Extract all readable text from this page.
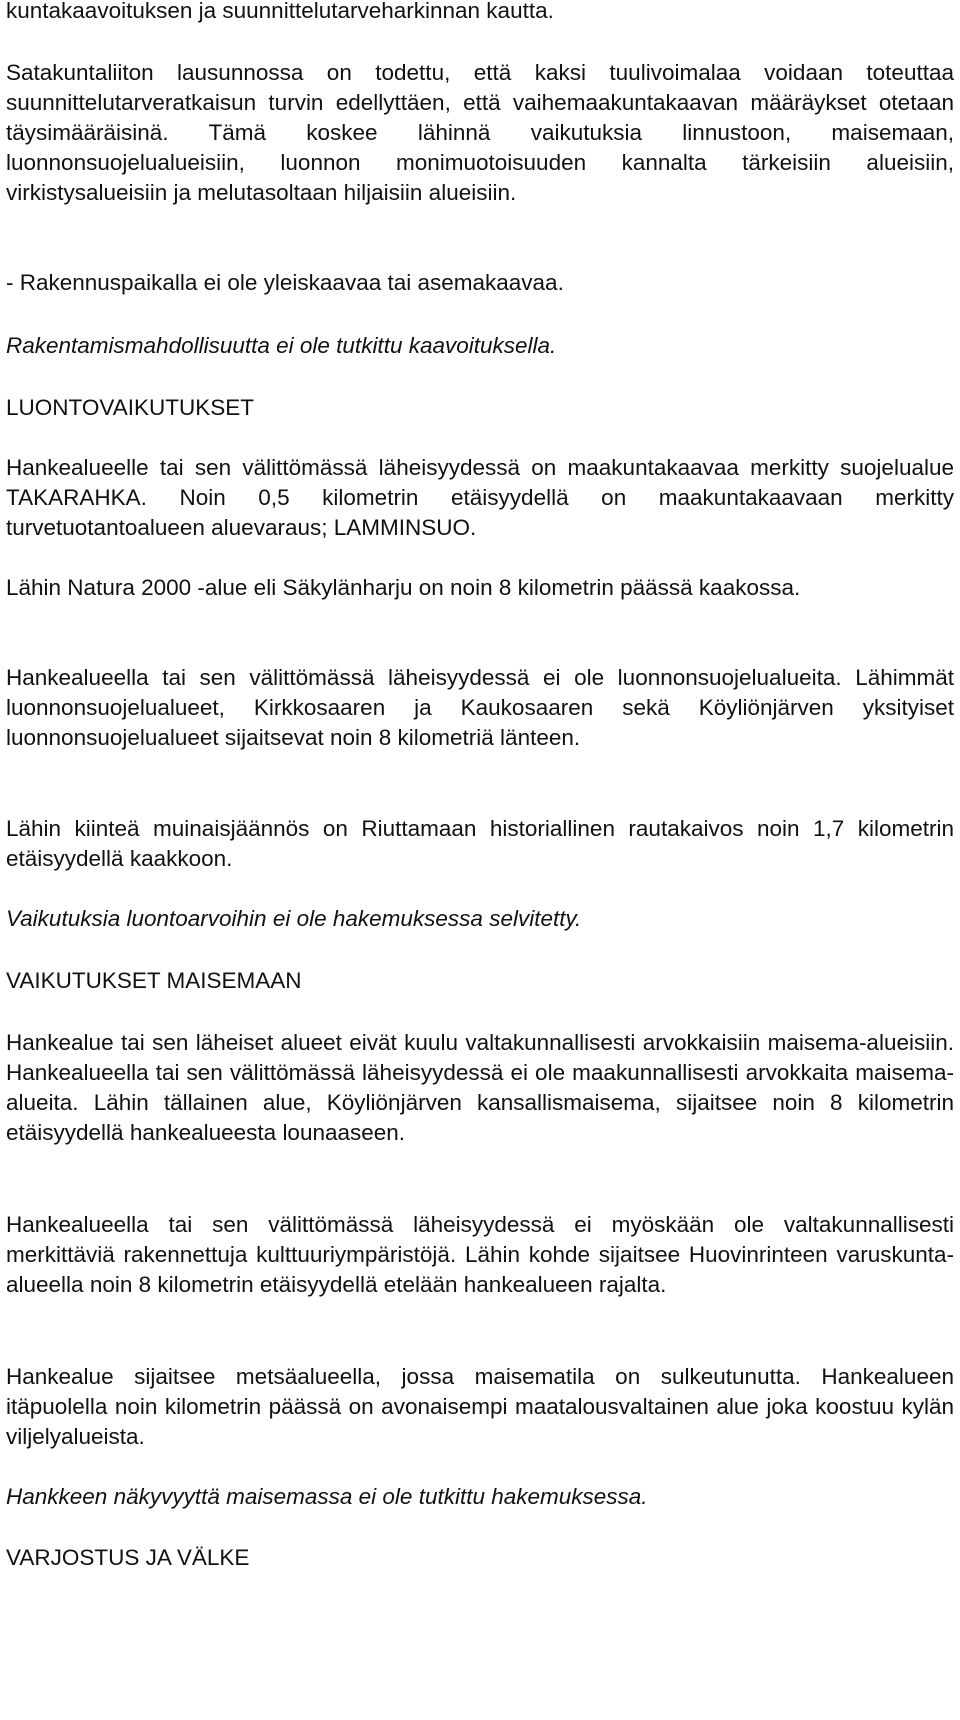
kuntakaavoituksen ja suunnittelutarveharkinnan kautta.

Satakuntaliiton lausunnossa on todettu, että kaksi tuulivoimalaa voidaan toteuttaa suunnittelutarveratkaisun turvin edellyttäen, että vaihemaakuntakaavan määräykset otetaan täysimääräisinä. Tämä koskee lähinnä vaikutuksia linnustoon, maisemaan, luonnonsuojelualueisiin, luonnon monimuotoisuuden kannalta tärkeisiin alueisiin, virkistysalueisiin ja melutasoltaan hiljaisiin alueisiin.

- Rakennuspaikalla ei ole yleiskaavaa tai asemakaavaa.

Rakentamismahdollisuutta ei ole tutkittu kaavoituksella.

LUONTOVAIKUTUKSET

Hankealueelle tai sen välittömässä läheisyydessä on maakuntakaavaa merkitty suojelualue TAKARAHKA. Noin 0,5 kilometrin etäisyydellä on maakuntakaavaan merkitty turvetuotantoalueen aluevaraus; LAMMINSUO.

Lähin Natura 2000 -alue eli Säkylänharju on noin 8 kilometrin päässä kaakossa.

Hankealueella tai sen välittömässä läheisyydessä ei ole luonnonsuojelualueita. Lähimmät luonnonsuojelualueet, Kirkkosaaren ja Kaukosaaren sekä Köyliönjärven yksityiset luonnonsuojelualueet sijaitsevat noin 8 kilometriä länteen.

Lähin kiinteä muinaisjäännös on Riuttamaan historiallinen rautakaivos noin 1,7 kilometrin etäisyydellä kaakkoon.

Vaikutuksia luontoarvoihin ei ole hakemuksessa selvitetty.

VAIKUTUKSET MAISEMAAN

Hankealue tai sen läheiset alueet eivät kuulu valtakunnallisesti arvokkaisiin maisema-alueisiin. Hankealueella tai sen välittömässä läheisyydessä ei ole maakunnallisesti arvokkaita maisema-alueita. Lähin tällainen alue, Köyliönjärven kansallismaisema, sijaitsee noin 8 kilometrin etäisyydellä hankealueesta lounaaseen.

Hankealueella tai sen välittömässä läheisyydessä ei myöskään ole valtakunnallisesti merkittäviä rakennettuja kulttuuriympäristöjä. Lähin kohde sijaitsee Huovinrinteen varuskunta-alueella noin 8 kilometrin etäisyydellä etelään hankealueen rajalta.

Hankealue sijaitsee metsäalueella, jossa maisematila on sulkeutunutta. Hankealueen itäpuolella noin kilometrin päässä on avonaisempi maatalousvaltainen alue joka koostuu kylän viljelyalueista.

Hankkeen näkyvyyttä maisemassa ei ole tutkittu hakemuksessa.

VARJOSTUS JA VÄLKE
